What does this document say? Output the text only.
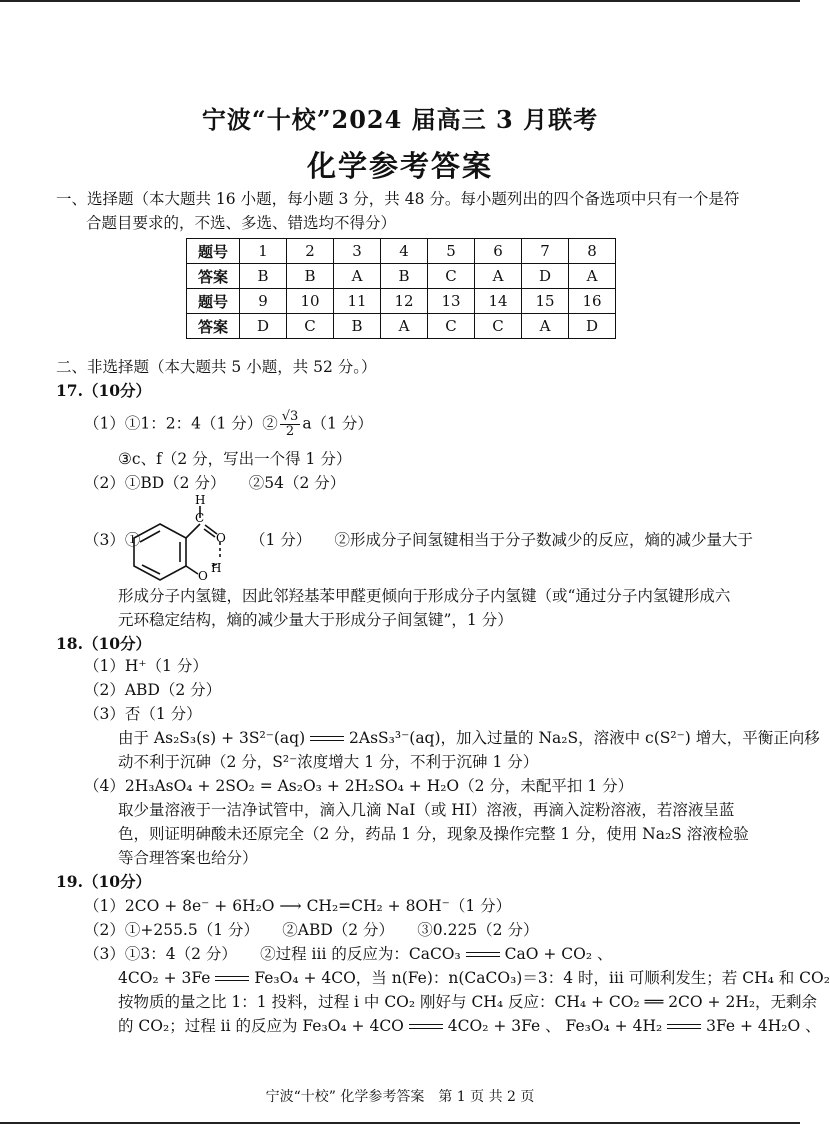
宁波“十校”2024 届高三 3 月联考
化学参考答案
一、选择题（本大题共 16 小题，每小题 3 分，共 48 分。每小题列出的四个备选项中只有一个是符
合题目要求的，不选、多选、错选均不得分）
题号	1	2	3	4	5	6	7	8
答案	B	B	A	B	C	A	D	A
题号	9	10	11	12	13	14	15	16
答案	D	C	B	A	C	C	A	D
二、非选择题（本大题共 5 小题，共 52 分。）
17.（10分）
（1）①1：2：4（1 分）② $\frac{√3}{2} a(1$ 分）
③c、f（2 分，写出一个得 1 分）
（2）①BD（2 分）　　②54（2 分）
（3）①
H
C
O
O
H
（1 分）　　②形成分子间氢键相当于分子数减少的反应，熵的减少量大于
形成分子内氢键，因此邻羟基苯甲醛更倾向于形成分子内氢键（或“通过分子内氢键形成六
元环稳定结构，熵的减少量大于形成分子间氢键”，1 分）
18.（10分）
（1）H⁺（1 分）
（2）ABD（2 分）
（3）否（1 分）
由于 As₂S₃(s) + 3S²⁻(aq)	2AsS₃³⁻(aq)，加入过量的 Na₂S，溶液中 c(S²⁻) 增大，平衡正向移
动不利于沉砷（2 分，S²⁻浓度增大 1 分，不利于沉砷 1 分）
（4）2H₃AsO₄ + 2SO₂ = As₂O₃ + 2H₂SO₄ + H₂O（2 分，未配平扣 1 分）
取少量溶液于一洁净试管中，滴入几滴 NaI（或 HI）溶液，再滴入淀粉溶液，若溶液呈蓝
色，则证明砷酸未还原完全（2 分，药品 1 分，现象及操作完整 1 分，使用 Na₂S 溶液检验
等合理答案也给分）
19.（10分）
（1）2CO + 8e⁻ + 6H₂O ⟶ CH₂=CH₂ + 8OH⁻（1 分）
（2）①+255.5（1 分）　　②ABD（2 分）　　③0.225（2 分）
（3）①3：4（2 分）　　②过程 iii 的反应为：CaCO₃	CaO + CO₂ 、
4CO₂ + 3Fe	Fe₃O₄ + 4CO，当 n(Fe)：n(CaCO₃)＝3：4 时，iii 可顺利发生；若 CH₄ 和 CO₂
按物质的量之比 1：1 投料，过程 i 中 CO₂ 刚好与 CH₄ 反应：CH₄ + CO₂ ══ 2CO + 2H₂，无剩余
的 CO₂；过程 ii 的反应为 Fe₃O₄ + 4CO	4CO₂ + 3Fe 、 Fe₃O₄ + 4H₂	3Fe + 4H₂O 、
宁波“十校” 化学参考答案　第 1 页 共 2 页
